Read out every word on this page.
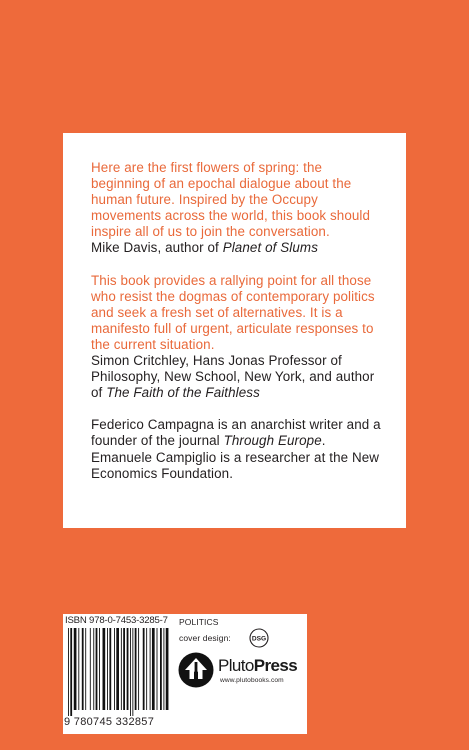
Here are the first flowers of spring: the beginning of an epochal dialogue about the human future. Inspired by the Occupy movements across the world, this book should inspire all of us to join the conversation.

Mike Davis, author of Planet of Slums

This book provides a rallying point for all those who resist the dogmas of contemporary politics and seek a fresh set of alternatives. It is a manifesto full of urgent, articulate responses to the current situation.

Simon Critchley, Hans Jonas Professor of Philosophy, New School, New York, and author of The Faith of the Faithless

Federico Campagna is an anarchist writer and a founder of the journal Through Europe. Emanuele Campiglio is a researcher at the New Economics Foundation.

ISBN 978-0-7453-3285-7
9 780745 332857
POLITICS
cover design:	DSG
PlutoPress
www.plutobooks.com
